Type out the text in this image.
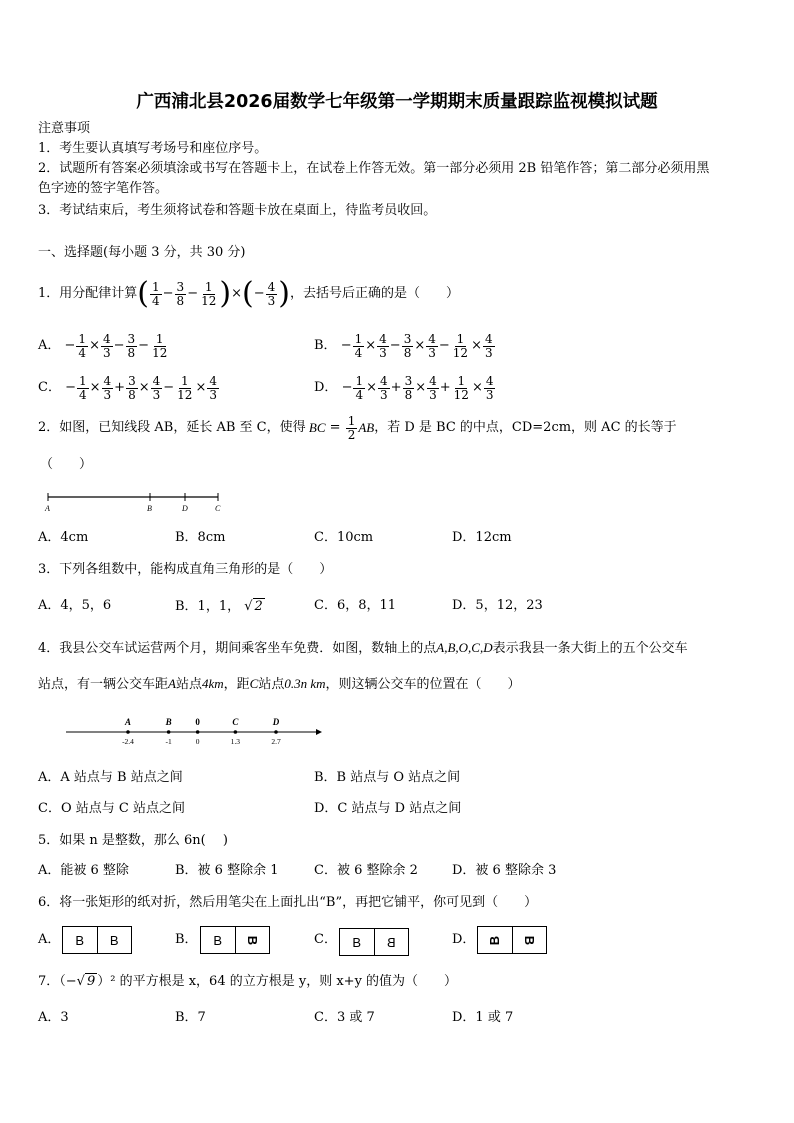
广西浦北县2026届数学七年级第一学期期末质量跟踪监视模拟试题
注意事项
1．考生要认真填写考场号和座位序号。
2．试题所有答案必须填涂或书写在答题卡上，在试卷上作答无效。第一部分必须用 2B 铅笔作答；第二部分必须用黑
色字迹的签字笔作答。
3．考试结束后，考生须将试卷和答题卡放在桌面上，待监考员收回。
一、选择题(每小题 3 分，共 30 分)
1．用分配律计算 ( $\frac{1}{4} - \frac{3}{8} - \frac{1}{12}$ ) × ( − $\frac{4}{3}$ ) ，去括号后正确的是（　　）
A． − $\frac{1}{4} \times \frac{4}{3} - \frac{3}{8} - \frac{1}{12}$	B． − $\frac{1}{4} \times \frac{4}{3} - \frac{3}{8} \times \frac{4}{3} - \frac{1}{12} \times \frac{4}{3}$
C． − $\frac{1}{4} \times \frac{4}{3} + \frac{3}{8} \times \frac{4}{3} - \frac{1}{12} \times \frac{4}{3}$	D． − $\frac{1}{4} \times \frac{4}{3} + \frac{3}{8} \times \frac{4}{3} + \frac{1}{12} \times \frac{4}{3}$
2．如图，已知线段 AB，延长 AB 至 C，使得 BC = $\frac{1}{2}$ AB ，若 D 是 BC 的中点，CD=2cm，则 AC 的长等于
（　　）
A	B	D	C
A．4cm	B．8cm	C．10cm	D．12cm
3．下列各组数中，能构成直角三角形的是（　　）
A．4，5，6	B．1，1， √ 2	C．6，8，11	D．5，12，23
4．我县公交车试运营两个月，期间乘客坐车免费．如图，数轴上的点A,B,O,C,D表示我县一条大街上的五个公交车
站点，有一辆公交车距A站点4km，距C站点0.3n km，则这辆公交车的位置在（　　）
A
-2.4
B
-1
0
0
C
1.3
D
2.7
A．A 站点与 B 站点之间	B．B 站点与 O 站点之间
C．O 站点与 C 站点之间	D．C 站点与 D 站点之间
5．如果 n 是整数，那么 6n(　 )
A．能被 6 整除	B．被 6 整除余 1	C．被 6 整除余 2	D．被 6 整除余 3
6．将一张矩形的纸对折，然后用笔尖在上面扎出“B”，再把它铺平，你可见到（　　）
A．	B	B	B．	B	B	C．	B	B	D． B B
7．（−√ 9 ）² 的平方根是 x，64 的立方根是 y，则 x+y 的值为（　　）
A．3	B．7	C．3 或 7	D．1 或 7
